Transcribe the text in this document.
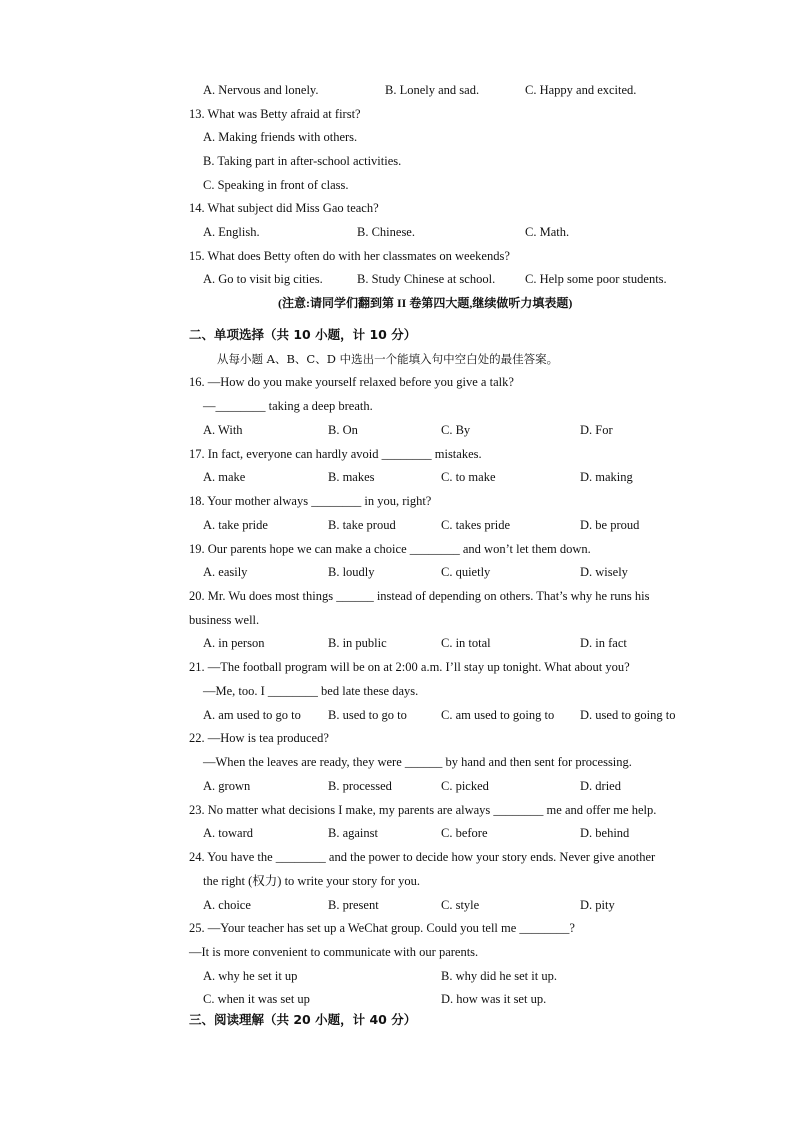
A. Nervous and lonely.	B. Lonely and sad.	C. Happy and excited.
13. What was Betty afraid at first?
A. Making friends with others.
B. Taking part in after-school activities.
C. Speaking in front of class.
14. What subject did Miss Gao teach?
A. English.	B. Chinese.	C. Math.
15. What does Betty often do with her classmates on weekends?
A. Go to visit big cities.	B. Study Chinese at school. C. Help some poor students.
(注意:请同学们翻到第 II 卷第四大题,继续做听力填表题)
二、单项选择（共 10 小题，计 10 分）
从每小题 A、B、C、D 中选出一个能填入句中空白处的最佳答案。
16. —How do you make yourself relaxed before you give a talk?
—________ taking a deep breath.
A. With	B. On	C. By	D. For
17. In fact, everyone can hardly avoid ________ mistakes.
A. make	B. makes	C. to make	D. making
18. Your mother always ________ in you, right?
A. take pride	B. take proud	C. takes pride	D. be proud
19. Our parents hope we can make a choice ________ and won’t let them down.
A. easily	B. loudly	C. quietly	D. wisely
20. Mr. Wu does most things ______ instead of depending on others. That’s why he runs his
business well.
A. in person	B. in public	C. in total	D. in fact
21. —The football program will be on at 2:00 a.m. I’ll stay up tonight. What about you?
—Me, too. I ________ bed late these days.
A. am used to go to B. used to go to	C. am used to going to D. used to going to
22. —How is tea produced?
—When the leaves are ready, they were ______ by hand and then sent for processing.
A. grown	B. processed	C. picked	D. dried
23. No matter what decisions I make, my parents are always ________ me and offer me help.
A. toward	B. against	C. before	D. behind
24. You have the ________ and the power to decide how your story ends. Never give another
the right (权力) to write your story for you.
A. choice	B. present	C. style	D. pity
25. —Your teacher has set up a WeChat group. Could you tell me ________?
—It is more convenient to communicate with our parents.
A. why he set it up	B. why did he set it up.
C. when it was set up	D. how was it set up.
三、阅读理解（共 20 小题，计 40 分）
